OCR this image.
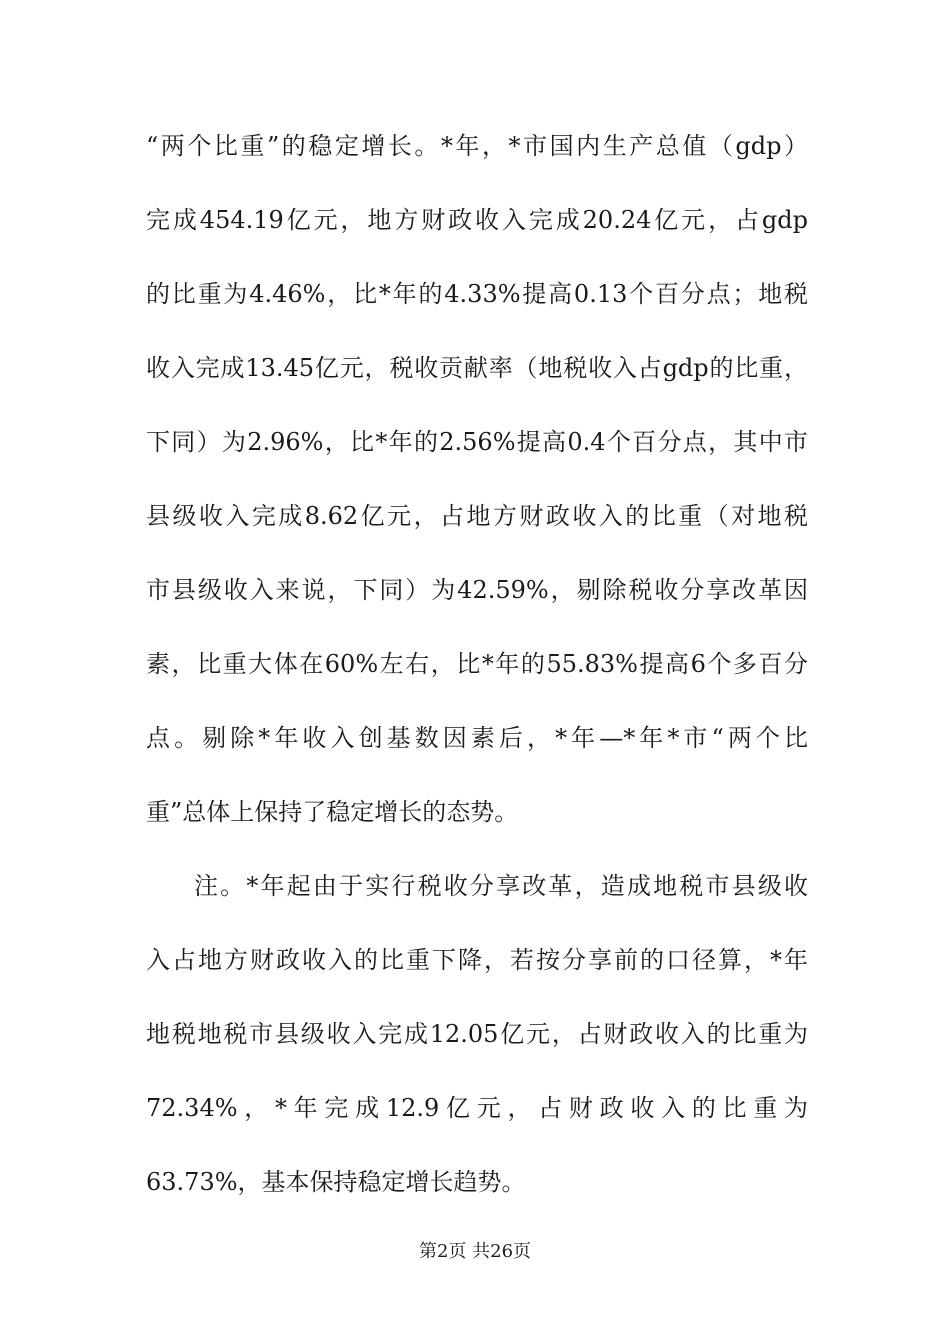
“两个比重”的稳定增长。*年，*市国内生产总值（gdp）
完成454.19亿元，地方财政收入完成20.24亿元，占gdp
的比重为4.46%，比*年的4.33%提高0.13个百分点；地税
收入完成13.45亿元，税收贡献率（地税收入占gdp的比重，
下同）为2.96%，比*年的2.56%提高0.4个百分点，其中市
县级收入完成8.62亿元，占地方财政收入的比重（对地税
市县级收入来说，下同）为42.59%，剔除税收分享改革因
素，比重大体在60%左右，比*年的55.83%提高6个多百分
点。剔除*年收入创基数因素后，*年—*年*市“两个比
重”总体上保持了稳定增长的态势。
注。*年起由于实行税收分享改革，造成地税市县级收
入占地方财政收入的比重下降，若按分享前的口径算，*年
地税地税市县级收入完成12.05亿元，占财政收入的比重为
72.34%，*年完成12.9亿元，占财政收入的比重为
63.73%，基本保持稳定增长趋势。
第2页 共26页
